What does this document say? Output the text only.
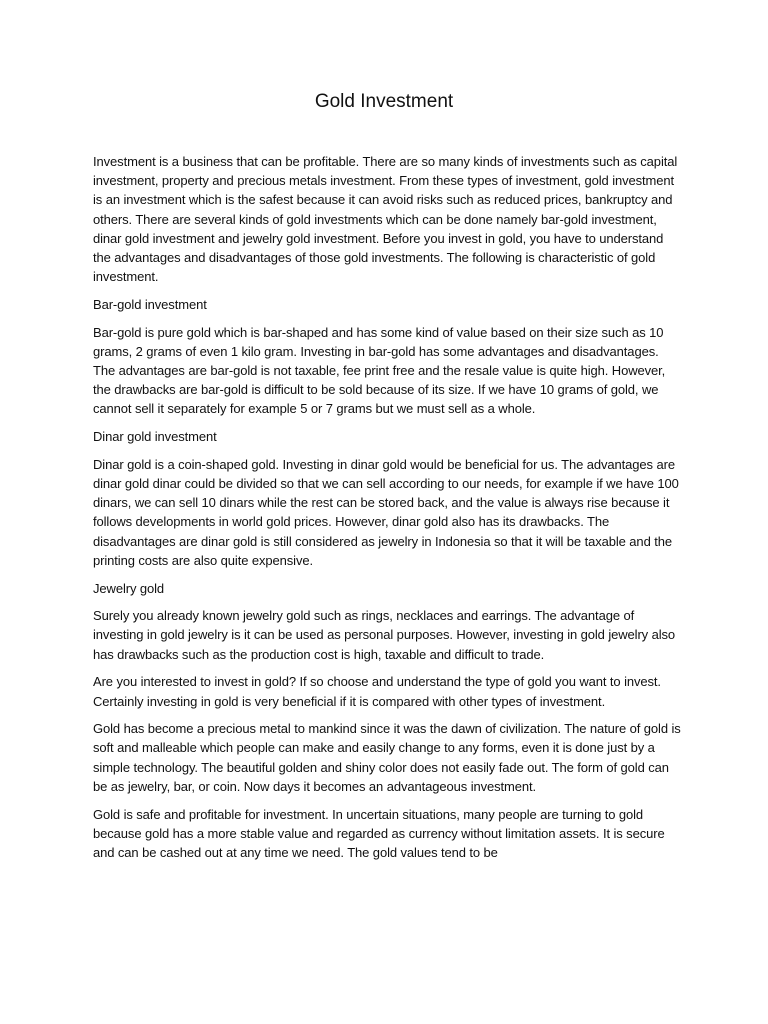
Gold Investment

Investment is a business that can be profitable. There are so many kinds of investments such as capital investment, property and precious metals investment. From these types of investment, gold investment is an investment which is the safest because it can avoid risks such as reduced prices, bankruptcy and others. There are several kinds of gold investments which can be done namely bar-gold investment, dinar gold investment and jewelry gold investment. Before you invest in gold, you have to understand the advantages and disadvantages of those gold investments. The following is characteristic of gold investment.

Bar-gold investment

Bar-gold is pure gold which is bar-shaped and has some kind of value based on their size such as 10 grams, 2 grams of even 1 kilo gram. Investing in bar-gold has some advantages and disadvantages. The advantages are bar-gold is not taxable, fee print free and the resale value is quite high. However, the drawbacks are bar-gold is difficult to be sold because of its size. If we have 10 grams of gold, we cannot sell it separately for example 5 or 7 grams but we must sell as a whole.

Dinar gold investment

Dinar gold is a coin-shaped gold. Investing in dinar gold would be beneficial for us. The advantages are dinar gold dinar could be divided so that we can sell according to our needs, for example if we have 100 dinars, we can sell 10 dinars while the rest can be stored back, and the value is always rise because it follows developments in world gold prices. However, dinar gold also has its drawbacks. The disadvantages are dinar gold is still considered as jewelry in Indonesia so that it will be taxable and the printing costs are also quite expensive.

Jewelry gold

Surely you already known jewelry gold such as rings, necklaces and earrings. The advantage of investing in gold jewelry is it can be used as personal purposes. However, investing in gold jewelry also has drawbacks such as the production cost is high, taxable and difficult to trade.

Are you interested to invest in gold? If so choose and understand the type of gold you want to invest. Certainly investing in gold is very beneficial if it is compared with other types of investment.

Gold has become a precious metal to mankind since it was the dawn of civilization. The nature of gold is soft and malleable which people can make and easily change to any forms, even it is done just by a simple technology. The beautiful golden and shiny color does not easily fade out. The form of gold can be as jewelry, bar, or coin. Now days it becomes an advantageous investment.

Gold is safe and profitable for investment. In uncertain situations, many people are turning to gold because gold has a more stable value and regarded as currency without limitation assets. It is secure and can be cashed out at any time we need. The gold values tend to be
